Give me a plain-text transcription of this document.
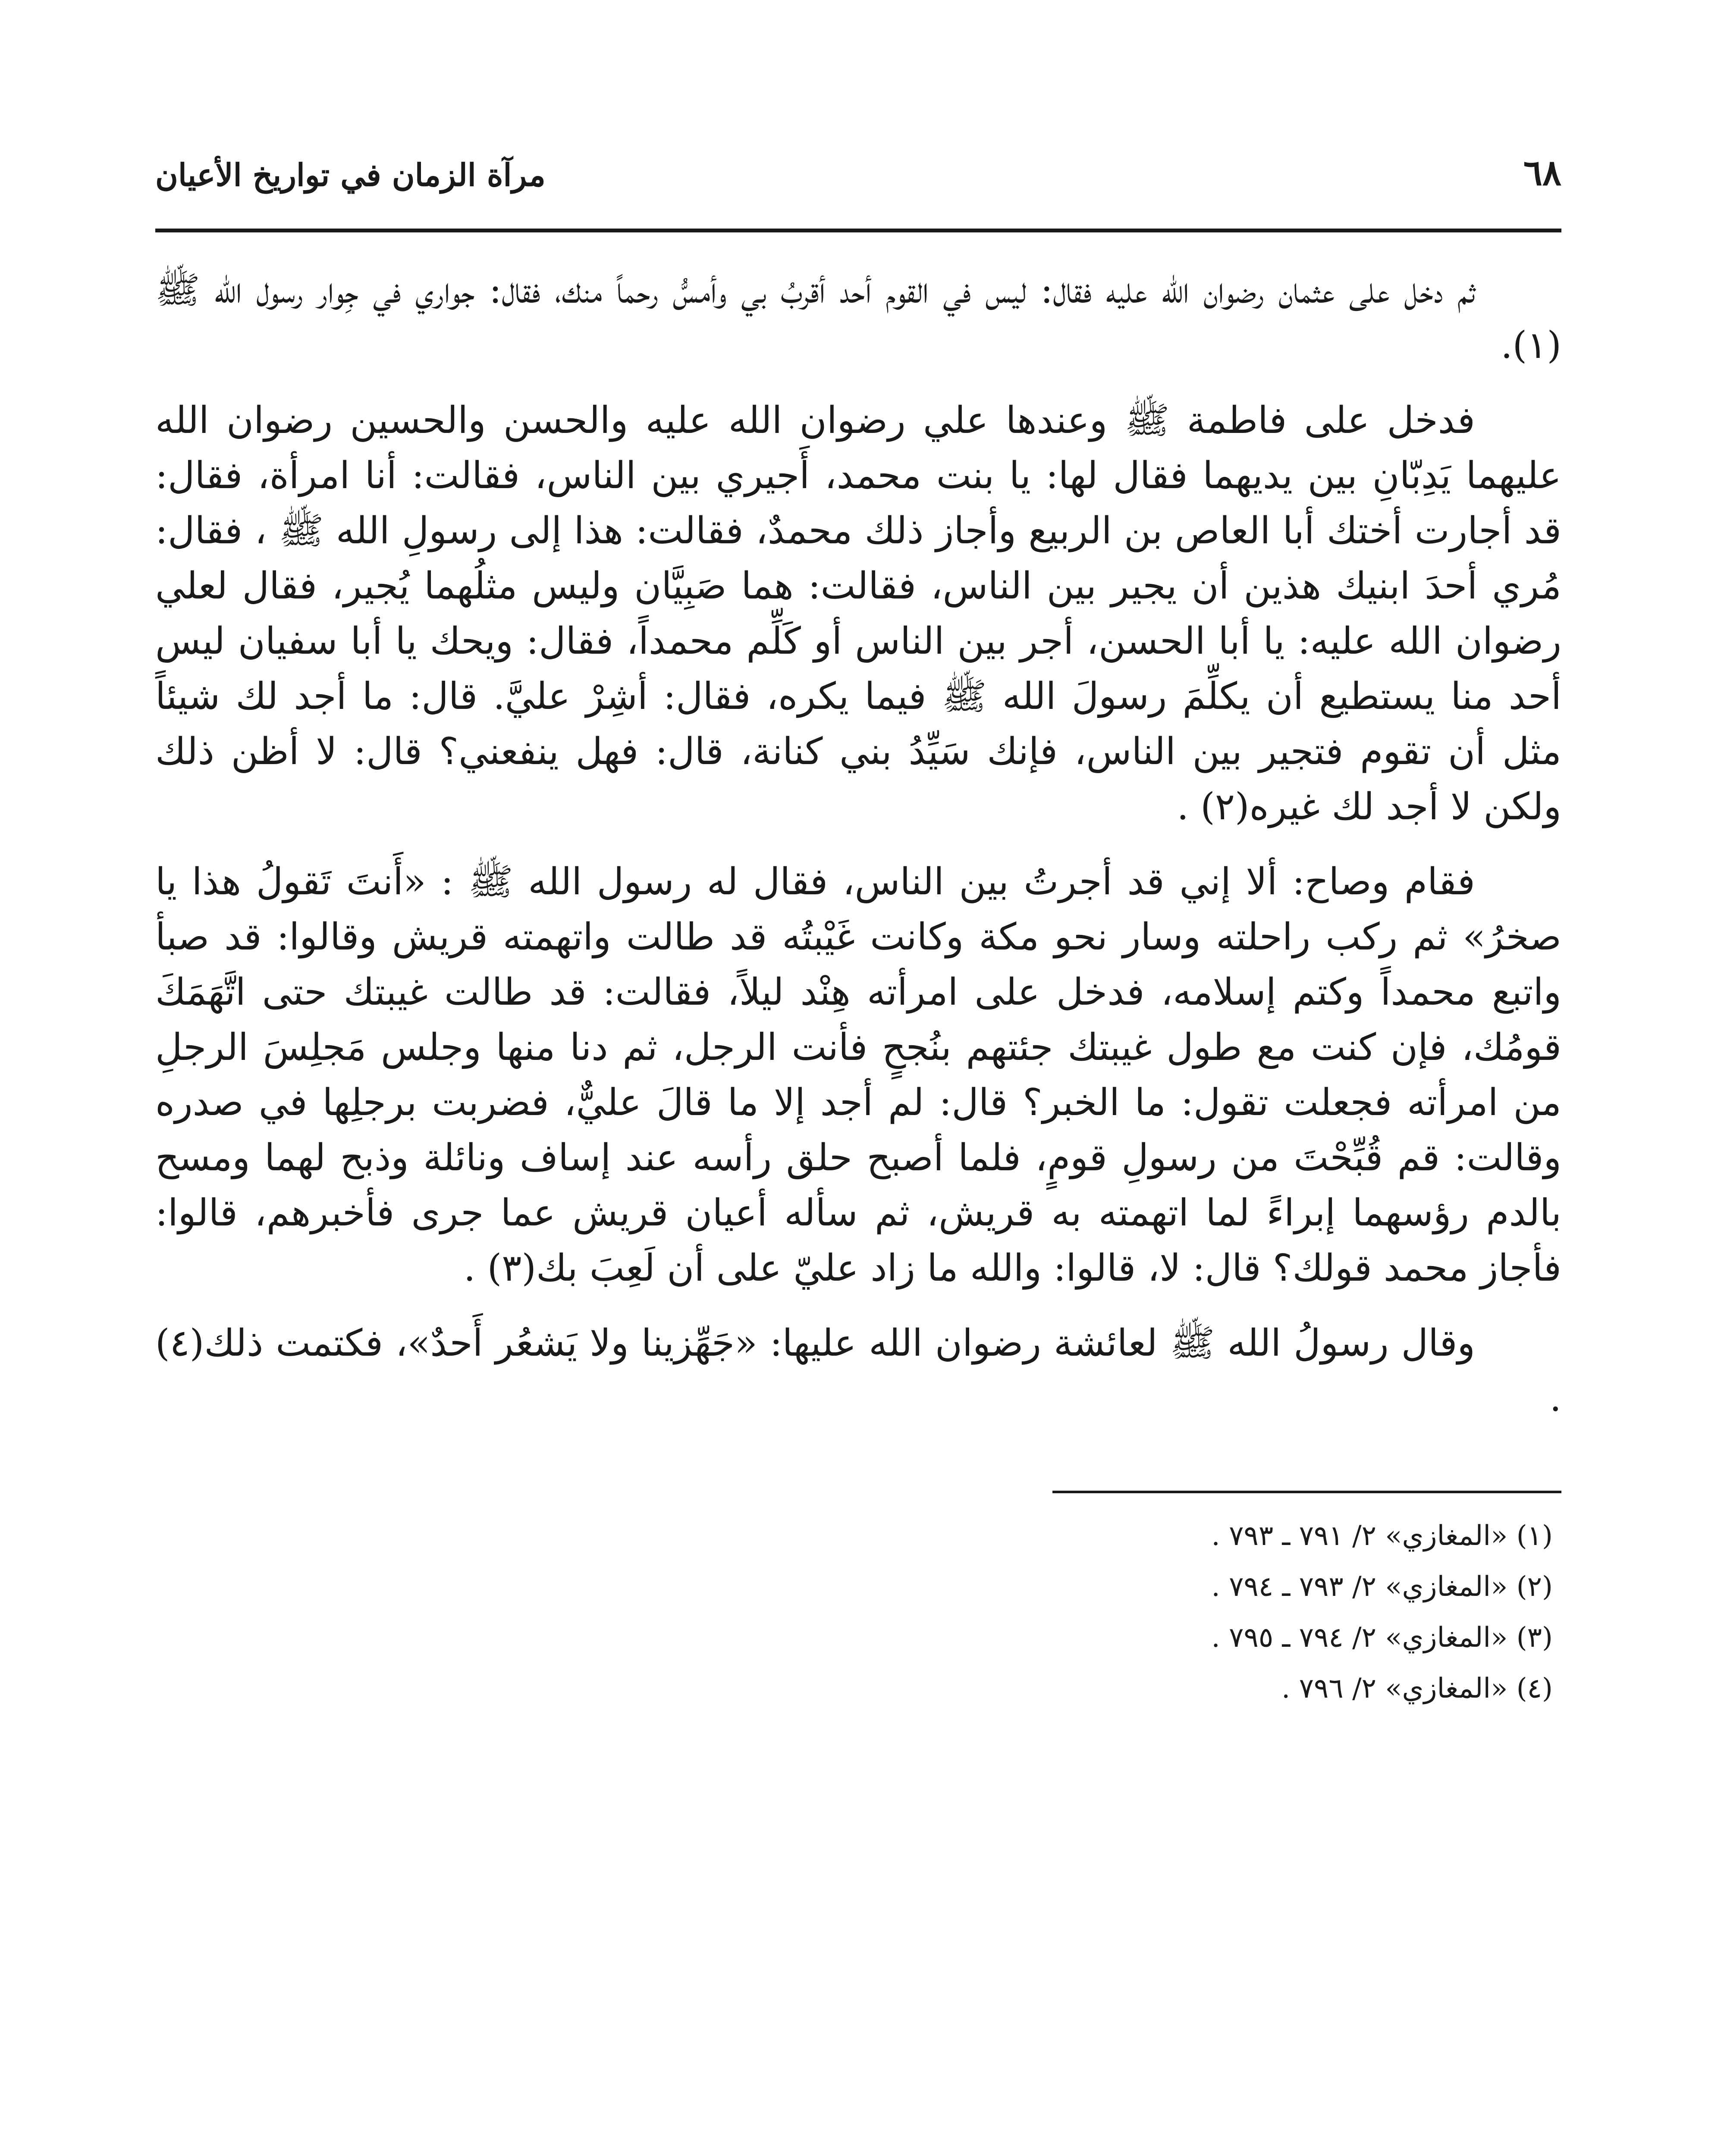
٦٨
مرآة الزمان في تواريخ الأعيان

ثم دخل على عثمان رضوان الله عليه فقال: ليس في القوم أحد أقربُ بي وأمسُّ رحماً منك، فقال: جواري في جِوار رسول الله ﷺ (١).

فدخل على فاطمة ﷺ وعندها علي رضوان الله عليه والحسن والحسين رضوان الله عليهما يَدِبّانِ بين يديهما فقال لها: يا بنت محمد، أَجيري بين الناس، فقالت: أنا امرأة، فقال: قد أجارت أختك أبا العاص بن الربيع وأجاز ذلك محمدٌ، فقالت: هذا إلى رسولِ الله ﷺ ، فقال: مُري أحدَ ابنيك هذين أن يجير بين الناس، فقالت: هما صَبِيَّان وليس مثلُهما يُجير، فقال لعلي رضوان الله عليه: يا أبا الحسن، أجر بين الناس أو كَلِّم محمداً، فقال: ويحك يا أبا سفيان ليس أحد منا يستطيع أن يكلِّمَ رسولَ الله ﷺ فيما يكره، فقال: أشِرْ عليَّ. قال: ما أجد لك شيئاً مثل أن تقوم فتجير بين الناس، فإنك سَيِّدُ بني كنانة، قال: فهل ينفعني؟ قال: لا أظن ذلك ولكن لا أجد لك غيره(٢) .

فقام وصاح: ألا إني قد أجرتُ بين الناس، فقال له رسول الله ﷺ : «أَنتَ تَقولُ هذا يا صخرُ» ثم ركب راحلته وسار نحو مكة وكانت غَيْبتُه قد طالت واتهمته قريش وقالوا: قد صبأ واتبع محمداً وكتم إسلامه، فدخل على امرأته هِنْد ليلاً، فقالت: قد طالت غيبتك حتى اتَّهَمَكَ قومُك، فإن كنت مع طول غيبتك جئتهم بنُجحٍ فأنت الرجل، ثم دنا منها وجلس مَجلِسَ الرجلِ من امرأته فجعلت تقول: ما الخبر؟ قال: لم أجد إلا ما قالَ عليٌّ، فضربت برجلِها في صدره وقالت: قم قُبِّحْتَ من رسولِ قومٍ، فلما أصبح حلق رأسه عند إساف ونائلة وذبح لهما ومسح بالدم رؤسهما إبراءً لما اتهمته به قريش، ثم سأله أعيان قريش عما جرى فأخبرهم، قالوا: فأجاز محمد قولك؟ قال: لا، قالوا: والله ما زاد عليّ على أن لَعِبَ بك(٣) .

وقال رسولُ الله ﷺ لعائشة رضوان الله عليها: «جَهِّزينا ولا يَشعُر أَحدٌ»، فكتمت ذلك(٤) .

(١) «المغازي» ٢/ ٧٩١ ـ ٧٩٣ .
(٢) «المغازي» ٢/ ٧٩٣ ـ ٧٩٤ .
(٣) «المغازي» ٢/ ٧٩٤ ـ ٧٩٥ .
(٤) «المغازي» ٢/ ٧٩٦ .
